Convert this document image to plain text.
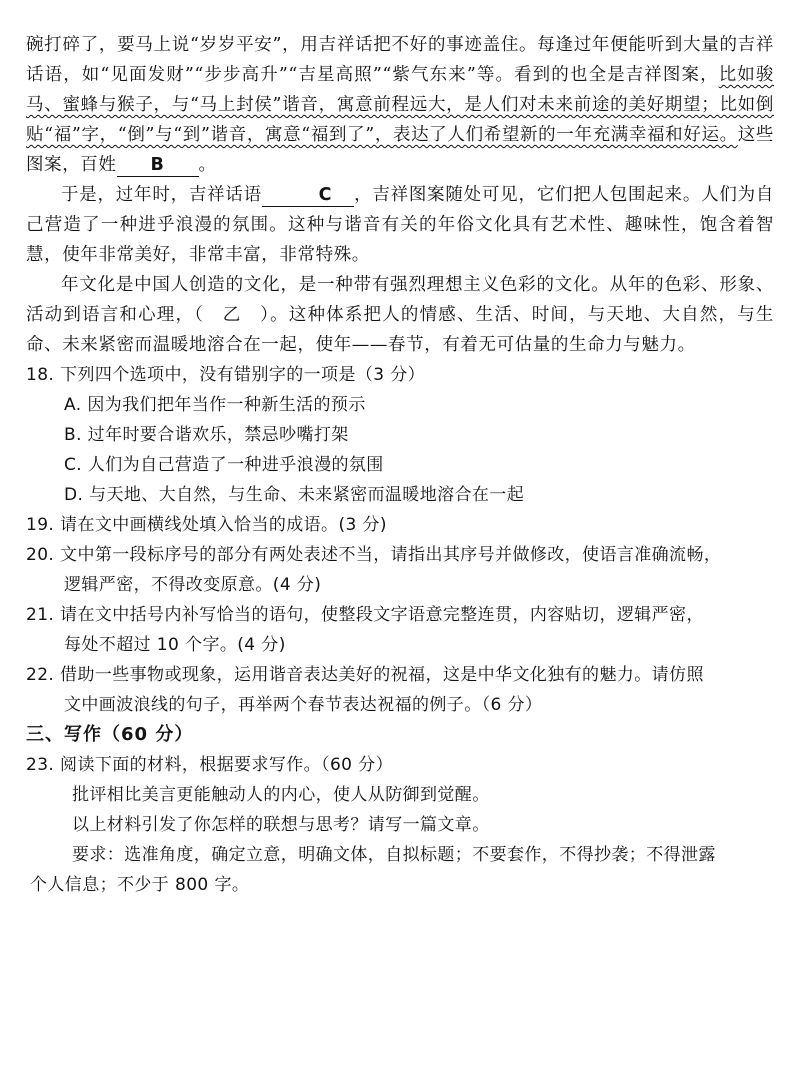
碗打碎了，要马上说“岁岁平安”，用吉祥话把不好的事迹盖住。每逢过年便能听到大量的吉祥话语，如“见面发财”“步步高升”“吉星高照”“紫气东来”等。看到的也全是吉祥图案，比如骏马、蜜蜂与猴子，与“马上封侯”谐音，寓意前程远大，是人们对未来前途的美好期望；比如倒贴“福”字，“倒”与“到”谐音，寓意“福到了”，表达了人们希望新的一年充满幸福和好运。这些图案，百姓 B 。

于是，过年时，吉祥话语	C ，吉祥图案随处可见，它们把人包围起来。人们为自己营造了一种进乎浪漫的氛围。这种与谐音有关的年俗文化具有艺术性、趣味性，饱含着智慧，使年非常美好，非常丰富，非常特殊。

年文化是中国人创造的文化，是一种带有强烈理想主义色彩的文化。从年的色彩、形象、活动到语言和心理，（　乙　）。这种体系把人的情感、生活、时间，与天地、大自然，与生命、未来紧密而温暖地溶合在一起，使年——春节，有着无可估量的生命力与魅力。

18. 下列四个选项中，没有错别字的一项是（3 分）

A. 因为我们把年当作一种新生活的预示

B. 过年时要合谐欢乐，禁忌吵嘴打架

C. 人们为自己营造了一种进乎浪漫的氛围

D. 与天地、大自然，与生命、未来紧密而温暖地溶合在一起

19. 请在文中画横线处填入恰当的成语。(3 分)

20. 文中第一段标序号的部分有两处表述不当，请指出其序号并做修改，使语言准确流畅，

逻辑严密，不得改变原意。(4 分)

21. 请在文中括号内补写恰当的语句，使整段文字语意完整连贯，内容贴切，逻辑严密，

每处不超过 10 个字。(4 分)

22. 借助一些事物或现象，运用谐音表达美好的祝福，这是中华文化独有的魅力。请仿照

文中画波浪线的句子，再举两个春节表达祝福的例子。（6 分）

三、写作（60 分）

23. 阅读下面的材料，根据要求写作。（60 分）

批评相比美言更能触动人的内心，使人从防御到觉醒。

以上材料引发了你怎样的联想与思考？请写一篇文章。

要求：选准角度，确定立意，明确文体，自拟标题；不要套作，不得抄袭；不得泄露

个人信息；不少于 800 字。
